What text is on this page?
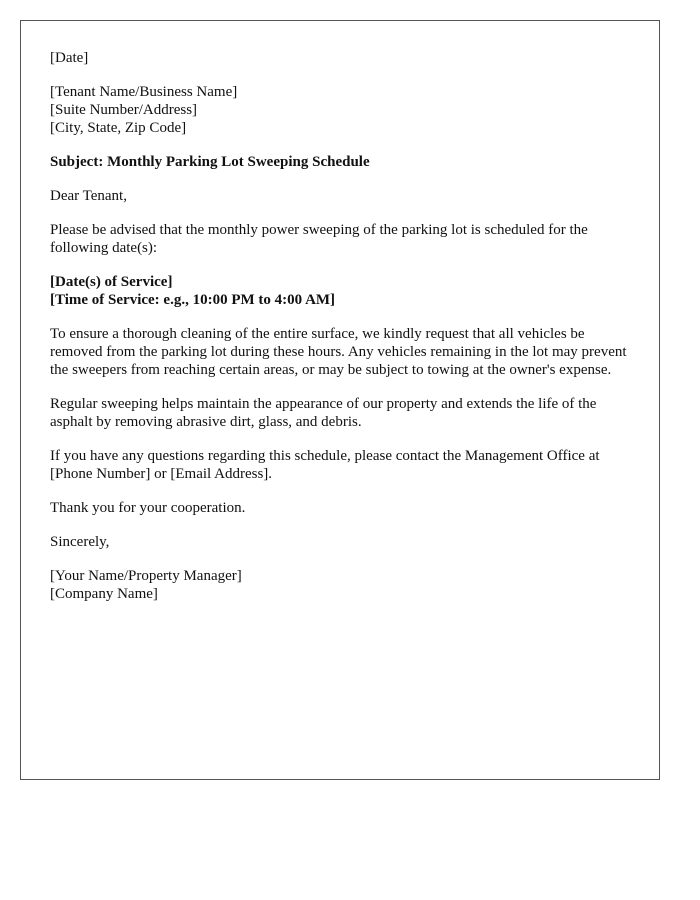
[Date]
[Tenant Name/Business Name]
[Suite Number/Address]
[City, State, Zip Code]
Subject: Monthly Parking Lot Sweeping Schedule

Dear Tenant,

Please be advised that the monthly power sweeping of the parking lot is scheduled for the following date(s):

[Date(s) of Service]
[Time of Service: e.g., 10:00 PM to 4:00 AM]

To ensure a thorough cleaning of the entire surface, we kindly request that all vehicles be removed from the parking lot during these hours. Any vehicles remaining in the lot may prevent the sweepers from reaching certain areas, or may be subject to towing at the owner's expense.

Regular sweeping helps maintain the appearance of our property and extends the life of the asphalt by removing abrasive dirt, glass, and debris.

If you have any questions regarding this schedule, please contact the Management Office at [Phone Number] or [Email Address].

Thank you for your cooperation.

Sincerely,

[Your Name/Property Manager]
[Company Name]
